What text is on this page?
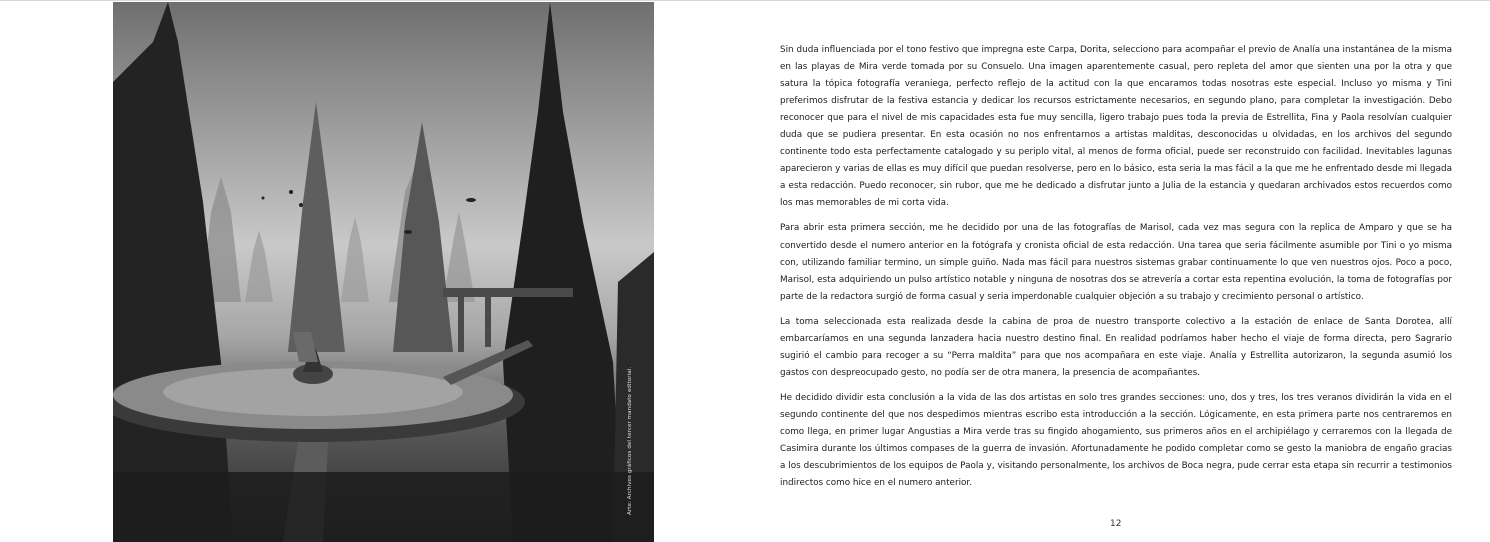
Arte: Archivos gráficos del tercer mandato editorial.

Sin duda influenciada por el tono festivo que impregna este Carpa, Dorita, selecciono para acompañar el previo de Analía una instantánea de la misma en las playas de Mira verde tomada por su Consuelo. Una imagen aparentemente casual, pero repleta del amor que sienten una por la otra y que satura la tópica fotografía veraniega, perfecto reflejo de la actitud con la que encaramos todas nosotras este especial. Incluso yo misma y Tini preferimos disfrutar de la festiva estancia y dedicar los recursos estrictamente necesarios, en segundo plano, para completar la investigación. Debo reconocer que para el nivel de mis capacidades esta fue muy sencilla, ligero trabajo pues toda la previa de Estrellita, Fina y Paola resolvían cualquier duda que se pudiera presentar. En esta ocasión no nos enfrentarnos a artistas malditas, desconocidas u olvidadas, en los archivos del segundo continente todo esta perfectamente catalogado y su periplo vital, al menos de forma oficial, puede ser reconstruido con facilidad. Inevitables lagunas aparecieron y varias de ellas es muy difícil que puedan resolverse, pero en lo básico, esta seria la mas fácil a la que me he enfrentado desde mi llegada a esta redacción. Puedo reconocer, sin rubor, que me he dedicado a disfrutar junto a Julia de la estancia y quedaran archivados estos recuerdos como los mas memorables de mi corta vida.

Para abrir esta primera sección, me he decidido por una de las fotografías de Marisol, cada vez mas segura con la replica de Amparo y que se ha convertido desde el numero anterior en la fotógrafa y cronista oficial de esta redacción. Una tarea que seria fácilmente asumible por Tini o yo misma con, utilizando familiar termino, un simple guiño. Nada mas fácil para nuestros sistemas grabar continuamente lo que ven nuestros ojos. Poco a poco, Marisol, esta adquiriendo un pulso artístico notable y ninguna de nosotras dos se atrevería a cortar esta repentina evolución, la toma de fotografías por parte de la redactora surgió de forma casual y seria imperdonable cualquier objeción a su trabajo y crecimiento personal o artístico.

La toma seleccionada esta realizada desde la cabina de proa de nuestro transporte colectivo a la estación de enlace de Santa Dorotea, allí embarcaríamos en una segunda lanzadera hacia nuestro destino final. En realidad podríamos haber hecho el viaje de forma directa, pero Sagrario sugirió el cambio para recoger a su “Perra maldita” para que nos acompañara en este viaje. Analía y Estrellita autorizaron, la segunda asumió los gastos con despreocupado gesto, no podía ser de otra manera, la presencia de acompañantes.

He decidido dividir esta conclusión a la vida de las dos artistas en solo tres grandes secciones: uno, dos y tres, los tres veranos dividirán la vida en el segundo continente del que nos despedimos mientras escribo esta introducción a la sección. Lógicamente, en esta primera parte nos centraremos en como llega, en primer lugar Angustias a Mira verde tras su fingido ahogamiento, sus primeros años en el archipiélago y cerraremos con la llegada de Casimira durante los últimos compases de la guerra de invasión. Afortunadamente he podido completar como se gesto la maniobra de engaño gracias a los descubrimientos de los equipos de Paola y, visitando personalmente, los archivos de Boca negra, pude cerrar esta etapa sin recurrir a testimonios indirectos como hice en el numero anterior.

12
